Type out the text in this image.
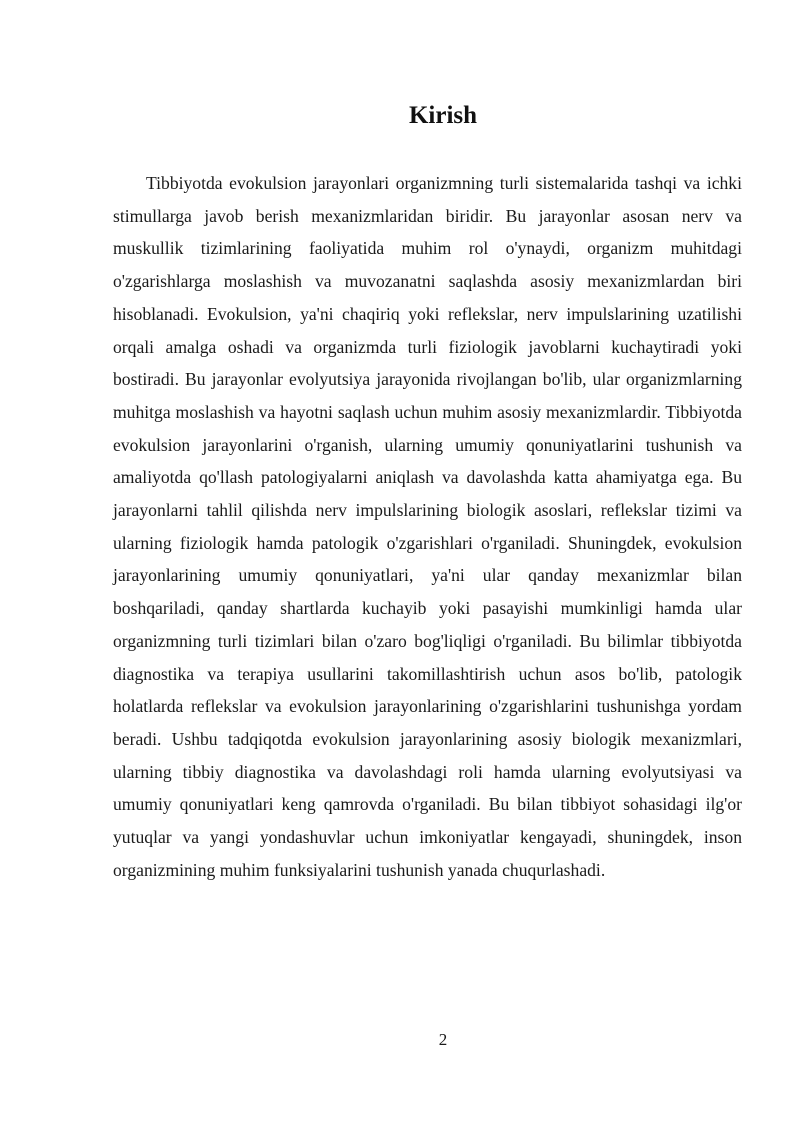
Kirish

Tibbiyotda evokulsion jarayonlari organizmning turli sistemalarida tashqi va ichki stimullarga javob berish mexanizmlaridan biridir. Bu jarayonlar asosan nerv va muskullik tizimlarining faoliyatida muhim rol o'ynaydi, organizm muhitdagi o'zgarishlarga moslashish va muvozanatni saqlashda asosiy mexanizmlardan biri hisoblanadi. Evokulsion, ya'ni chaqiriq yoki reflekslar, nerv impulslarining uzatilishi orqali amalga oshadi va organizmda turli fiziologik javoblarni kuchaytiradi yoki bostiradi. Bu jarayonlar evolyutsiya jarayonida rivojlangan bo'lib, ular organizmlarning muhitga moslashish va hayotni saqlash uchun muhim asosiy mexanizmlardir. Tibbiyotda evokulsion jarayonlarini o'rganish, ularning umumiy qonuniyatlarini tushunish va amaliyotda qo'llash patologiyalarni aniqlash va davolashda katta ahamiyatga ega. Bu jarayonlarni tahlil qilishda nerv impulslarining biologik asoslari, reflekslar tizimi va ularning fiziologik hamda patologik o'zgarishlari o'rganiladi. Shuningdek, evokulsion jarayonlarining umumiy qonuniyatlari, ya'ni ular qanday mexanizmlar bilan boshqariladi, qanday shartlarda kuchayib yoki pasayishi mumkinligi hamda ular organizmning turli tizimlari bilan o'zaro bog'liqligi o'rganiladi. Bu bilimlar tibbiyotda diagnostika va terapiya usullarini takomillashtirish uchun asos bo'lib, patologik holatlarda reflekslar va evokulsion jarayonlarining o'zgarishlarini tushunishga yordam beradi. Ushbu tadqiqotda evokulsion jarayonlarining asosiy biologik mexanizmlari, ularning tibbiy diagnostika va davolashdagi roli hamda ularning evolyutsiyasi va umumiy qonuniyatlari keng qamrovda o'rganiladi. Bu bilan tibbiyot sohasidagi ilg'or yutuqlar va yangi yondashuvlar uchun imkoniyatlar kengayadi, shuningdek, inson organizmining muhim funksiyalarini tushunish yanada chuqurlashadi.

2
